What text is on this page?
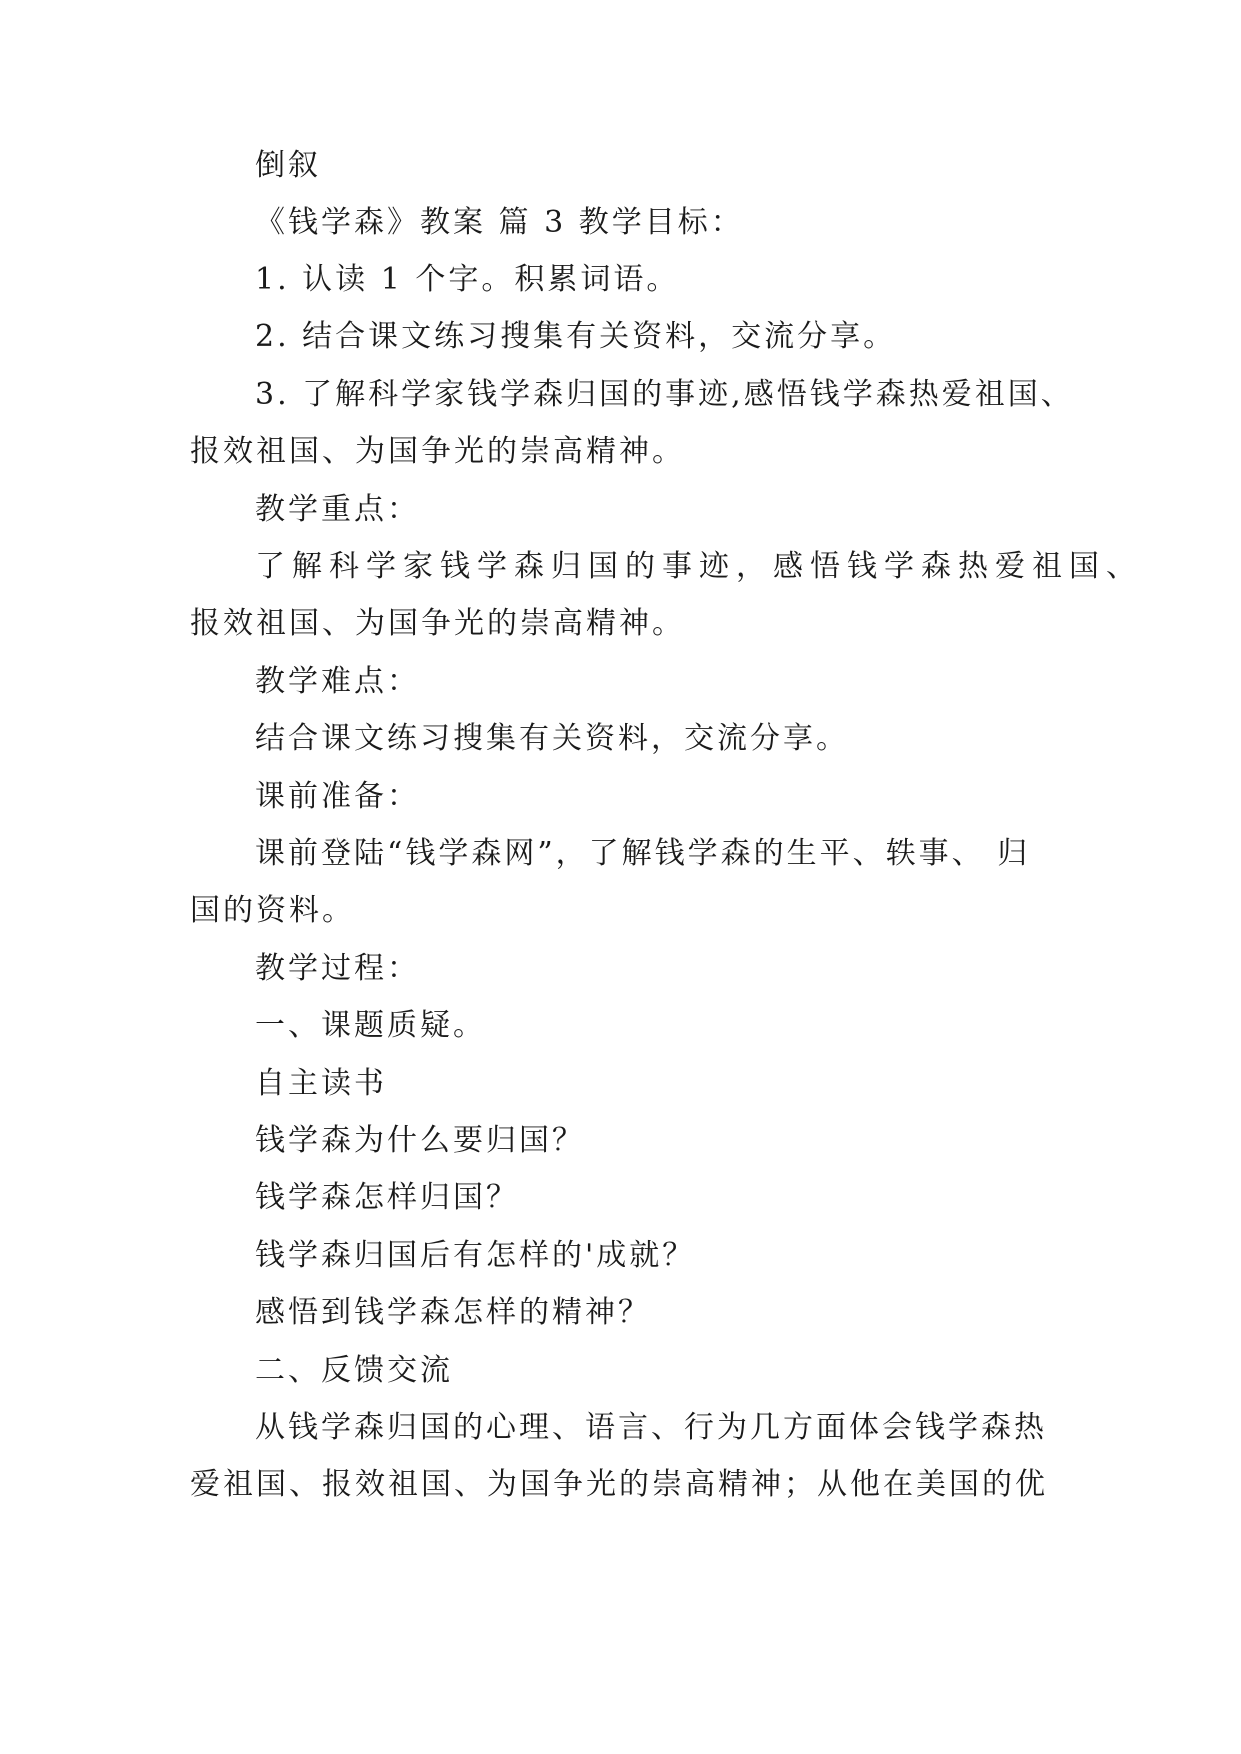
倒叙
《钱学森》教案 篇 3 教学目标：
1. 认读 1 个字。积累词语。
2. 结合课文练习搜集有关资料，交流分享。
3. 了解科学家钱学森归国的事迹,感悟钱学森热爱祖国、
报效祖国、为国争光的崇高精神。
教学重点：
了解科学家钱学森归国的事迹，感悟钱学森热爱祖国、
报效祖国、为国争光的崇高精神。
教学难点：
结合课文练习搜集有关资料，交流分享。
课前准备：
课前登陆“钱学森网”，了解钱学森的生平、轶事、 归
国的资料。
教学过程：
一、课题质疑。
自主读书
钱学森为什么要归国？
钱学森怎样归国？
钱学森归国后有怎样的'成就？
感悟到钱学森怎样的精神？
二、反馈交流
从钱学森归国的心理、语言、行为几方面体会钱学森热
爱祖国、报效祖国、为国争光的崇高精神；从他在美国的优
